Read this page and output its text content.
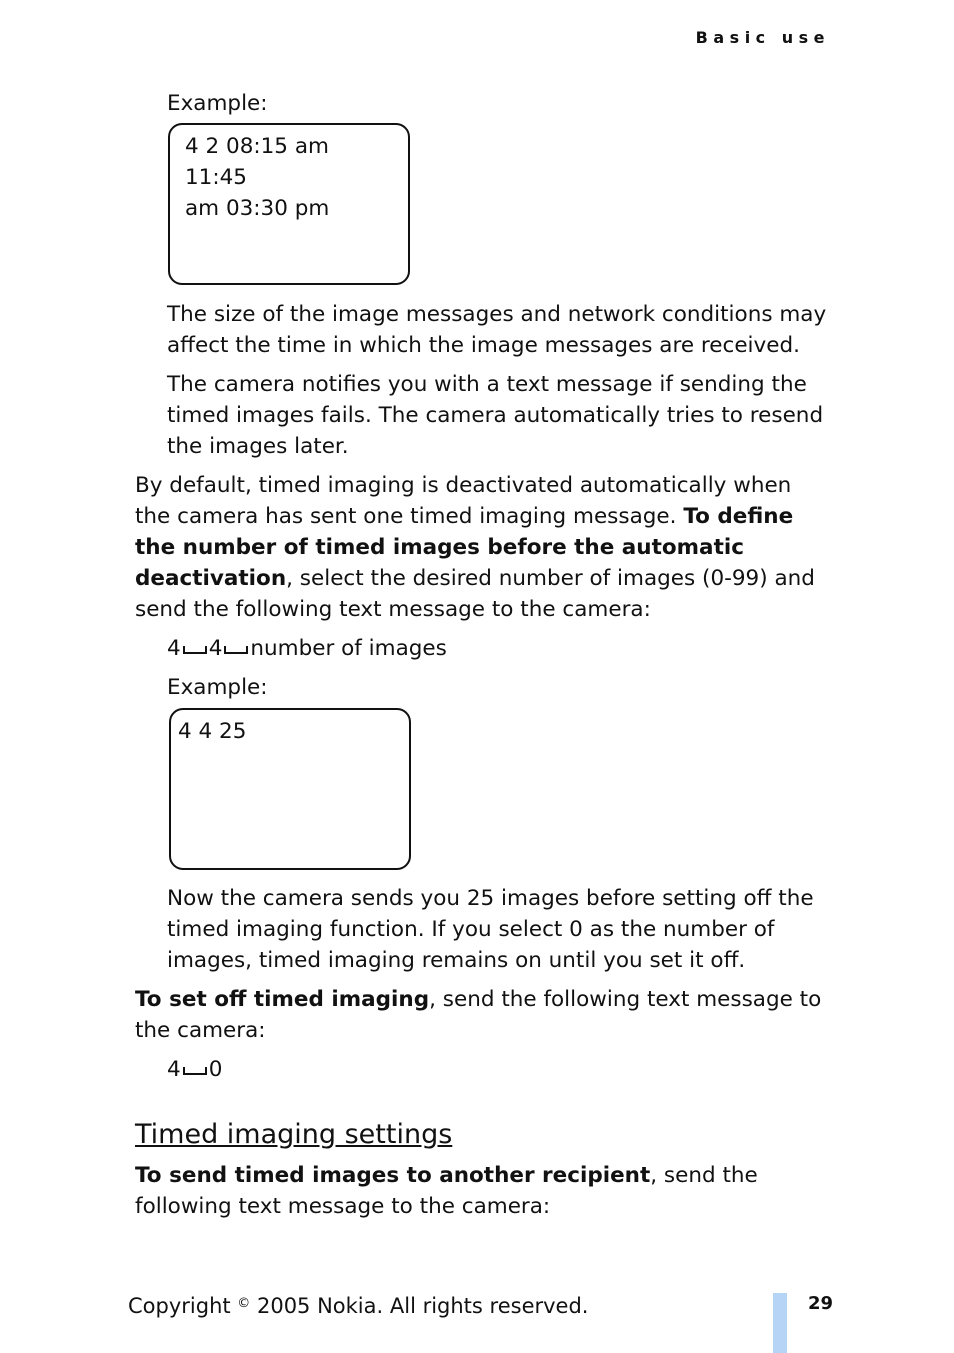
Basic use
Example:
4 2 08:15 am 11:45
am 03:30 pm
The size of the image messages and network conditions may affect the time in which the image messages are received.
The camera notifies you with a text message if sending the timed images fails. The camera automatically tries to resend the images later.
By default, timed imaging is deactivated automatically when the camera has sent one timed imaging message. To define the number of timed images before the automatic deactivation, select the desired number of images (0-99) and send the following text message to the camera:
4 4 number of images
Example:
4 4 25
Now the camera sends you 25 images before setting off the timed imaging function. If you select 0 as the number of images, timed imaging remains on until you set it off.
To set off timed imaging, send the following text message to the camera:
4 0
Timed imaging settings
To send timed images to another recipient, send the following text message to the camera:
Copyright © 2005 Nokia. All rights reserved.	29
